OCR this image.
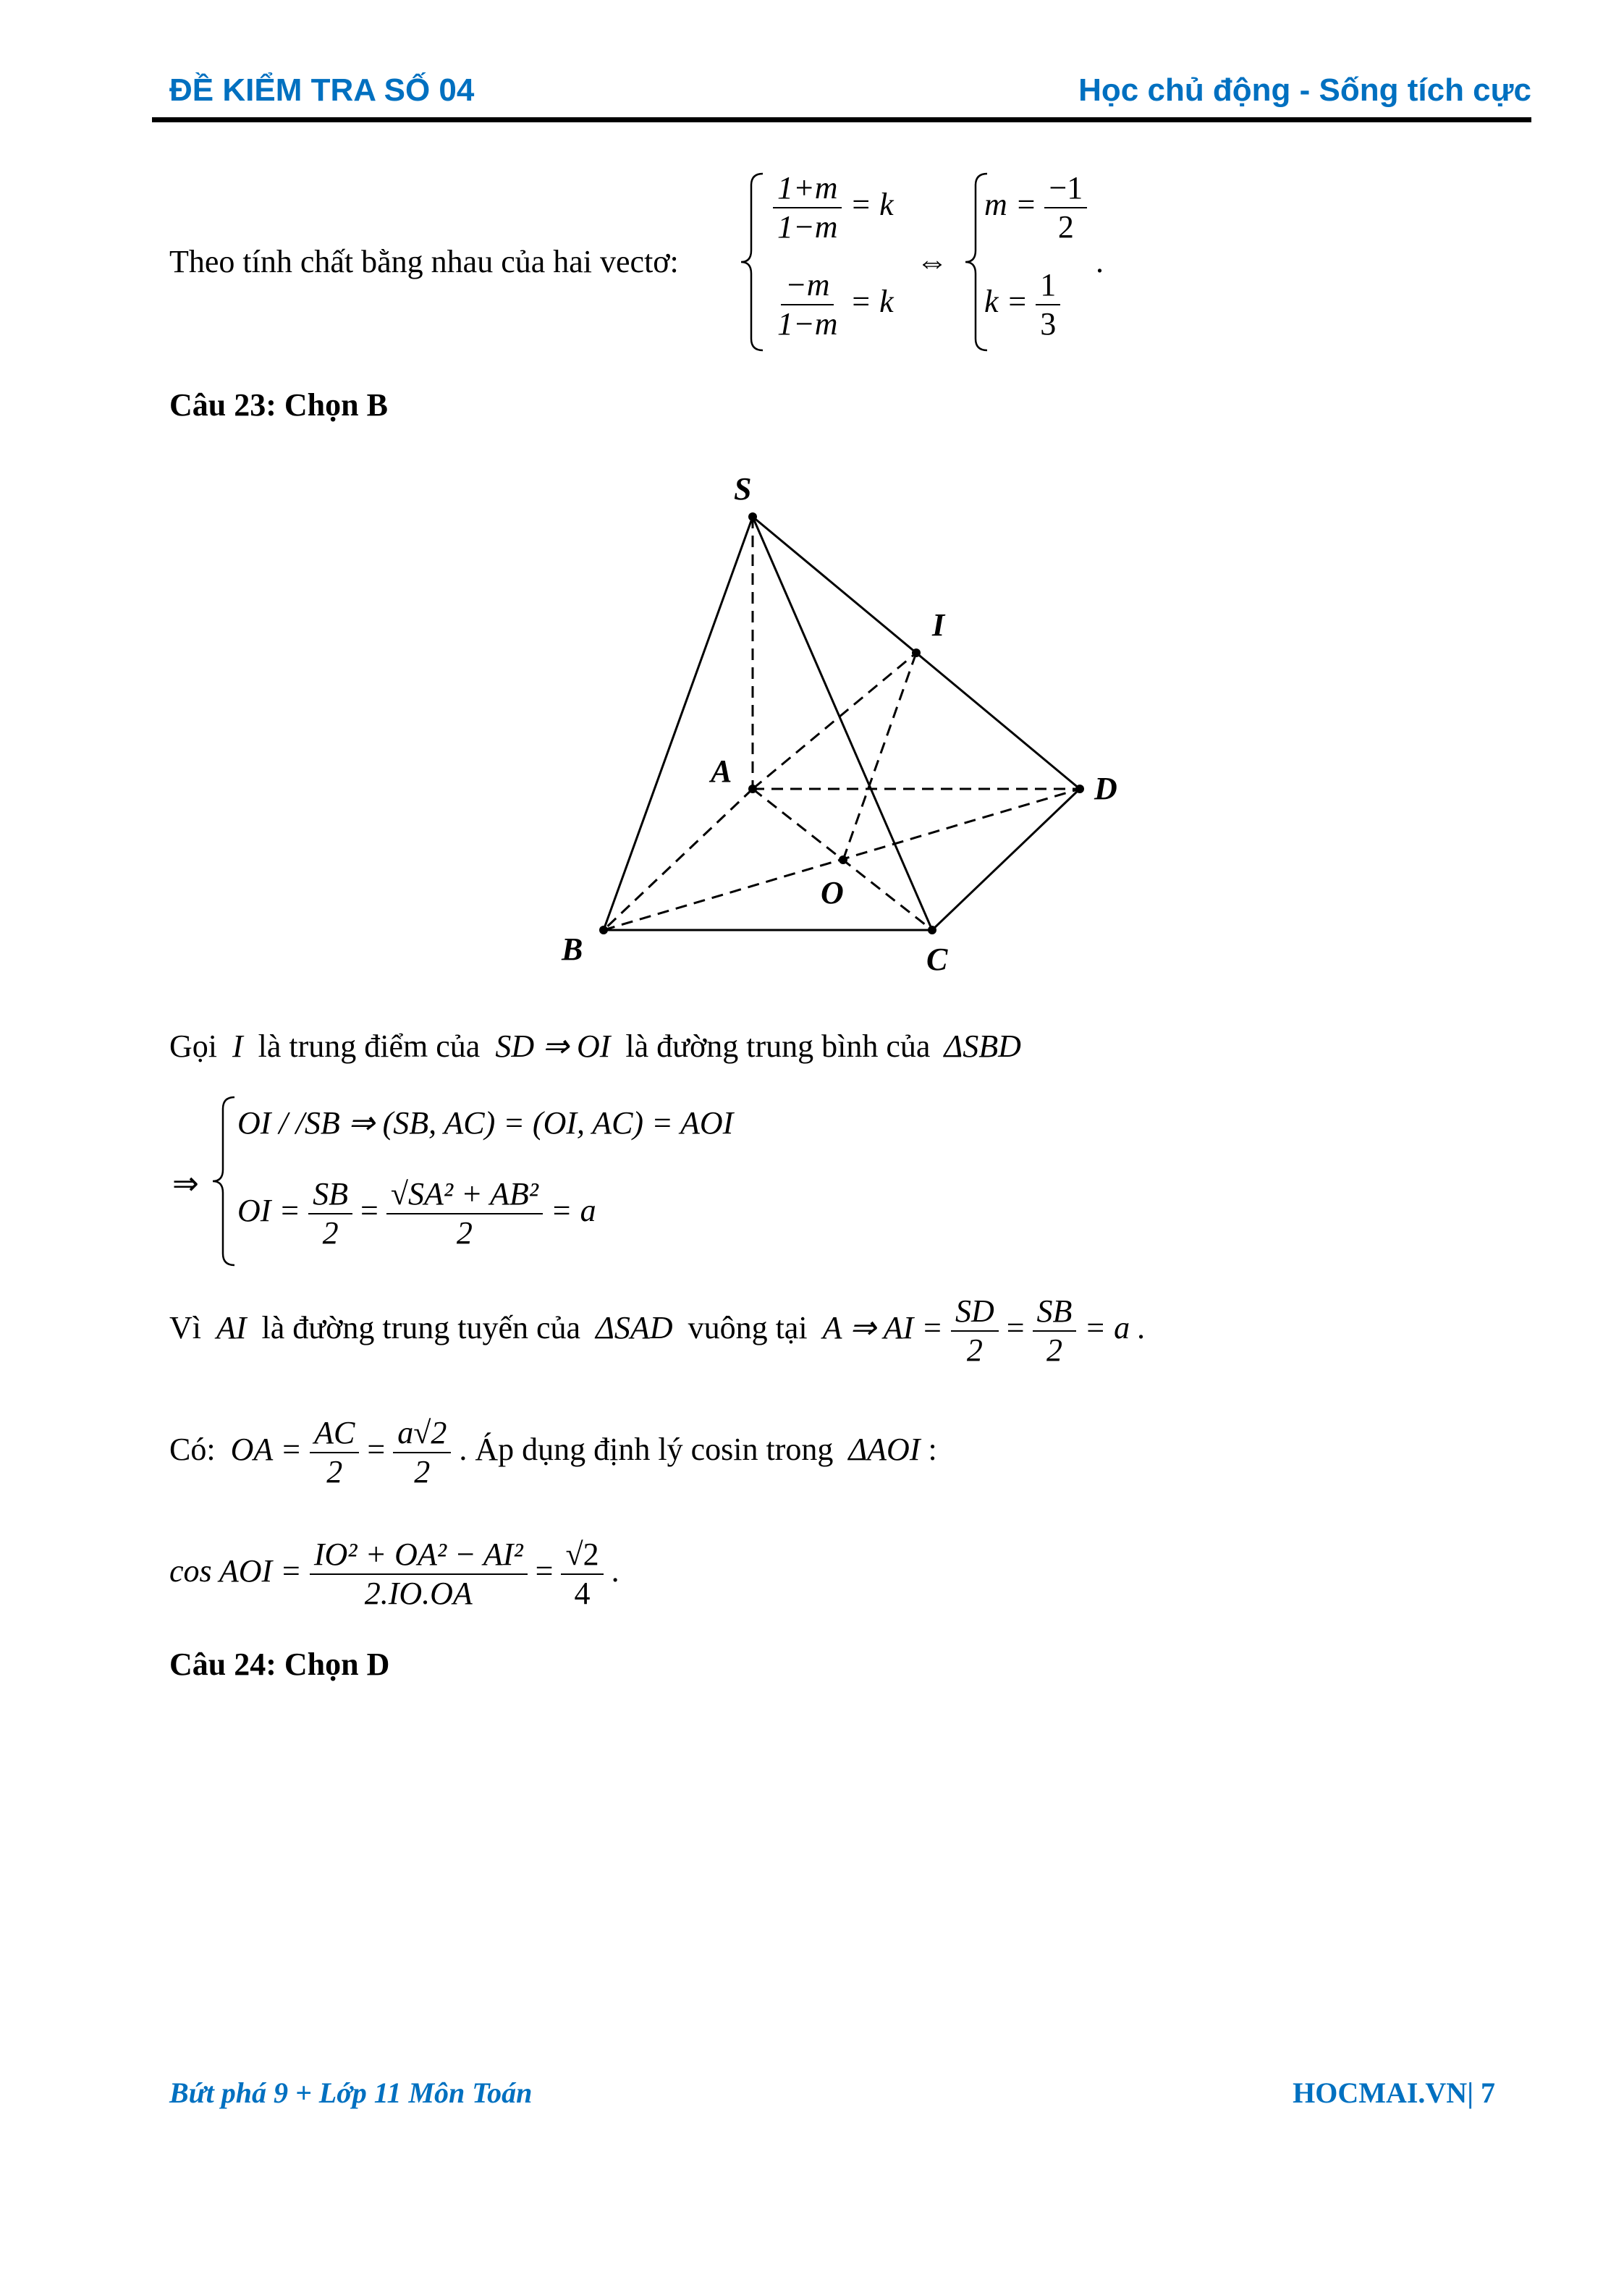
ĐỀ KIỂM TRA SỐ 04	Học chủ động - Sống tích cực
Theo tính chất bằng nhau của hai vectơ:
$\frac{1+m}{1-m} = k$
$\frac{-m}{1-m} = k$
⇔
$m = \frac{-1}{2}$
$k = \frac{1}{3}$
.
Câu 23: Chọn B
S
I
A	D
O
B	C
Gọi I là trung điểm của SD ⇒ OI là đường trung bình của ΔSBD
⇒
OI / /SB ⇒ (SB, AC) = (OI, AC) = AOI
OI = $\frac{SB}{2} = \frac{\text{√SA² + AB²}}{2} = a$
Vì AI là đường trung tuyến của ΔSAD vuông tại A ⇒ AI = $\frac{SD}{2} = \frac{SB}{2} = a$ .
Có: OA = $\frac{AC}{2} = \frac{a√2}{2}$ . Áp dụng định lý cosin trong ΔAOI :
cos AOI = $\frac{\text{IO² + OA² − AI²}}{2.IO.OA} = \frac{√2}{4}$ .
Câu 24: Chọn D
Bứt phá 9 + Lớp 11 Môn Toán	HOCMAI.VN| 7
